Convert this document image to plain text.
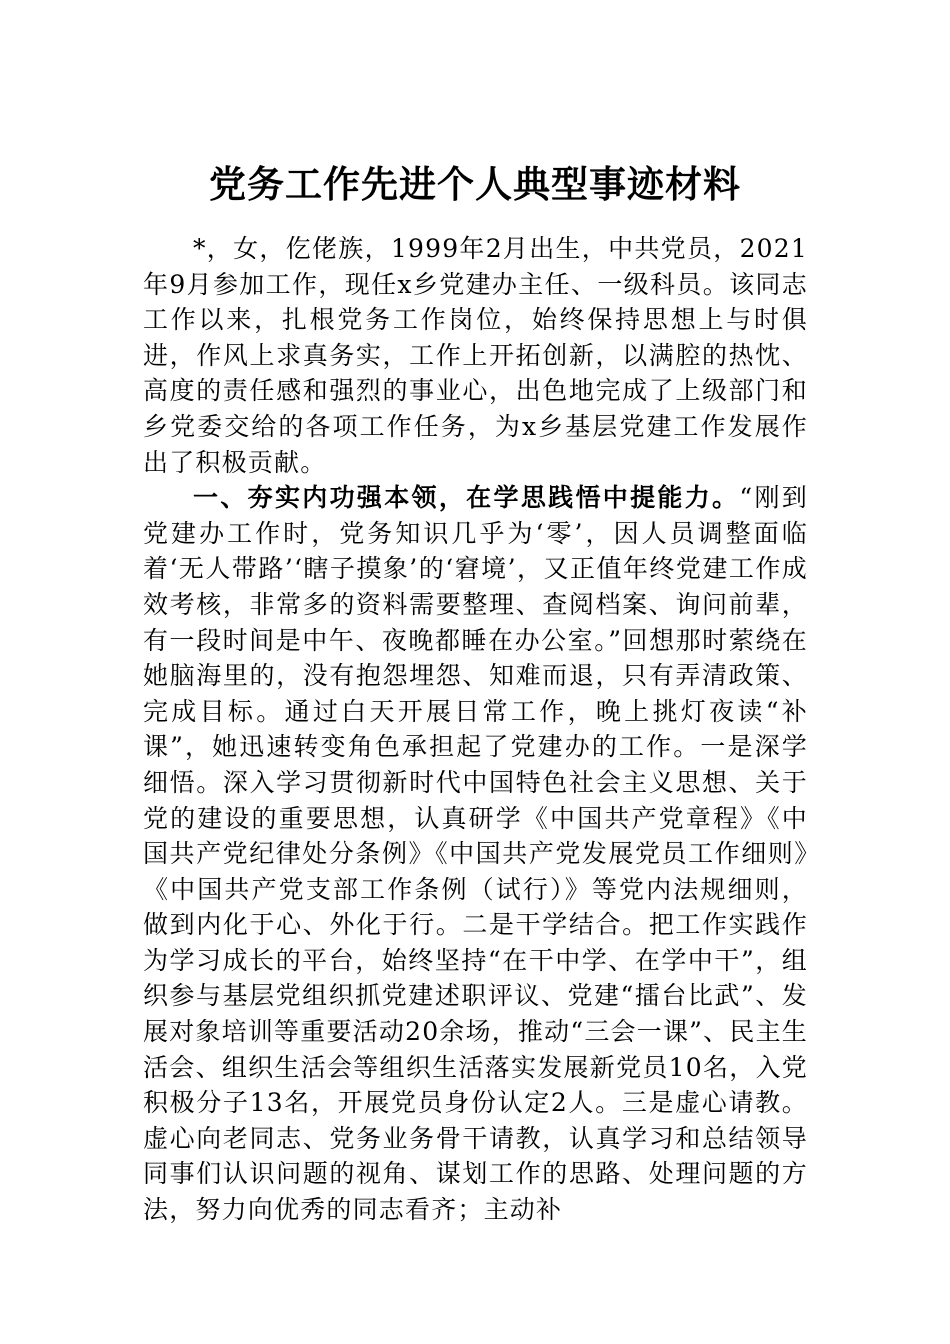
党务工作先进个人典型事迹材料

*，女，仡佬族，1999年2月出生，中共党员，2021年9月参加工作，现任x乡党建办主任、一级科员。该同志工作以来，扎根党务工作岗位，始终保持思想上与时俱进，作风上求真务实，工作上开拓创新，以满腔的热忱、高度的责任感和强烈的事业心，出色地完成了上级部门和乡党委交给的各项工作任务，为x乡基层党建工作发展作出了积极贡献。

一、夯实内功强本领，在学思践悟中提能力。“刚到党建办工作时，党务知识几乎为‘零’，因人员调整面临着‘无人带路’‘瞎子摸象’的‘窘境’，又正值年终党建工作成效考核，非常多的资料需要整理、查阅档案、询问前辈，有一段时间是中午、夜晚都睡在办公室。”回想那时萦绕在她脑海里的，没有抱怨埋怨、知难而退，只有弄清政策、完成目标。通过白天开展日常工作，晚上挑灯夜读“补课”，她迅速转变角色承担起了党建办的工作。一是深学细悟。深入学习贯彻新时代中国特色社会主义思想、关于党的建设的重要思想，认真研学《中国共产党章程》《中国共产党纪律处分条例》《中国共产党发展党员工作细则》《中国共产党支部工作条例（试行）》等党内法规细则，做到内化于心、外化于行。二是干学结合。把工作实践作为学习成长的平台，始终坚持“在干中学、在学中干”，组织参与基层党组织抓党建述职评议、党建“擂台比武”、发展对象培训等重要活动20余场，推动“三会一课”、民主生活会、组织生活会等组织生活落实发展新党员10名，入党积极分子13名，开展党员身份认定2人。三是虚心请教。虚心向老同志、党务业务骨干请教，认真学习和总结领导同事们认识问题的视角、谋划工作的思路、处理问题的方法，努力向优秀的同志看齐；主动补
